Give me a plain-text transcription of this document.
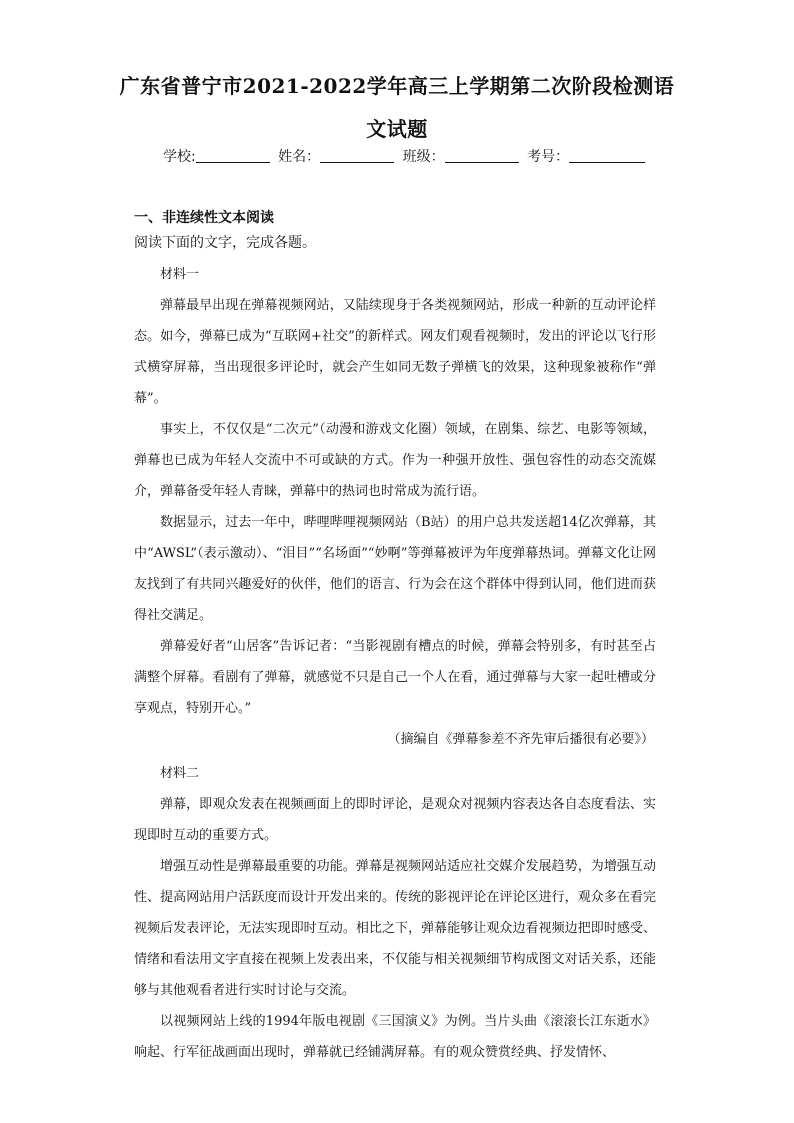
广东省普宁市2021-2022学年高三上学期第二次阶段检测语
文试题
学校:	姓名：	班级：	考号：
一、非连续性文本阅读
阅读下面的文字，完成各题。

材料一

弹幕最早出现在弹幕视频网站，又陆续现身于各类视频网站，形成一种新的互动评论样态。如今，弹幕已成为“互联网+社交”的新样式。网友们观看视频时，发出的评论以飞行形式横穿屏幕，当出现很多评论时，就会产生如同无数子弹横飞的效果，这种现象被称作“弹幕”。

事实上，不仅仅是“二次元”（动漫和游戏文化圈）领域，在剧集、综艺、电影等领域，弹幕也已成为年轻人交流中不可或缺的方式。作为一种强开放性、强包容性的动态交流媒介，弹幕备受年轻人青睐，弹幕中的热词也时常成为流行语。

数据显示，过去一年中，哔哩哔哩视频网站（B站）的用户总共发送超14亿次弹幕，其中“AWSL”（表示激动）、“泪目”“名场面”“妙啊”等弹幕被评为年度弹幕热词。弹幕文化让网友找到了有共同兴趣爱好的伙伴，他们的语言、行为会在这个群体中得到认同，他们进而获得社交满足。

弹幕爱好者“山居客”告诉记者：“当影视剧有槽点的时候，弹幕会特别多，有时甚至占满整个屏幕。看剧有了弹幕，就感觉不只是自己一个人在看，通过弹幕与大家一起吐槽或分享观点，特别开心。”

（摘编自《弹幕参差不齐先审后播很有必要》）

材料二

弹幕，即观众发表在视频画面上的即时评论，是观众对视频内容表达各自态度看法、实现即时互动的重要方式。

增强互动性是弹幕最重要的功能。弹幕是视频网站适应社交媒介发展趋势，为增强互动性、提高网站用户活跃度而设计开发出来的。传统的影视评论在评论区进行，观众多在看完视频后发表评论，无法实现即时互动。相比之下，弹幕能够让观众边看视频边把即时感受、情绪和看法用文字直接在视频上发表出来，不仅能与相关视频细节构成图文对话关系，还能够与其他观看者进行实时讨论与交流。

以视频网站上线的1994年版电视剧《三国演义》为例。当片头曲《滚滚长江东逝水》响起、行军征战画面出现时，弹幕就已经铺满屏幕。有的观众赞赏经典、抒发情怀、
